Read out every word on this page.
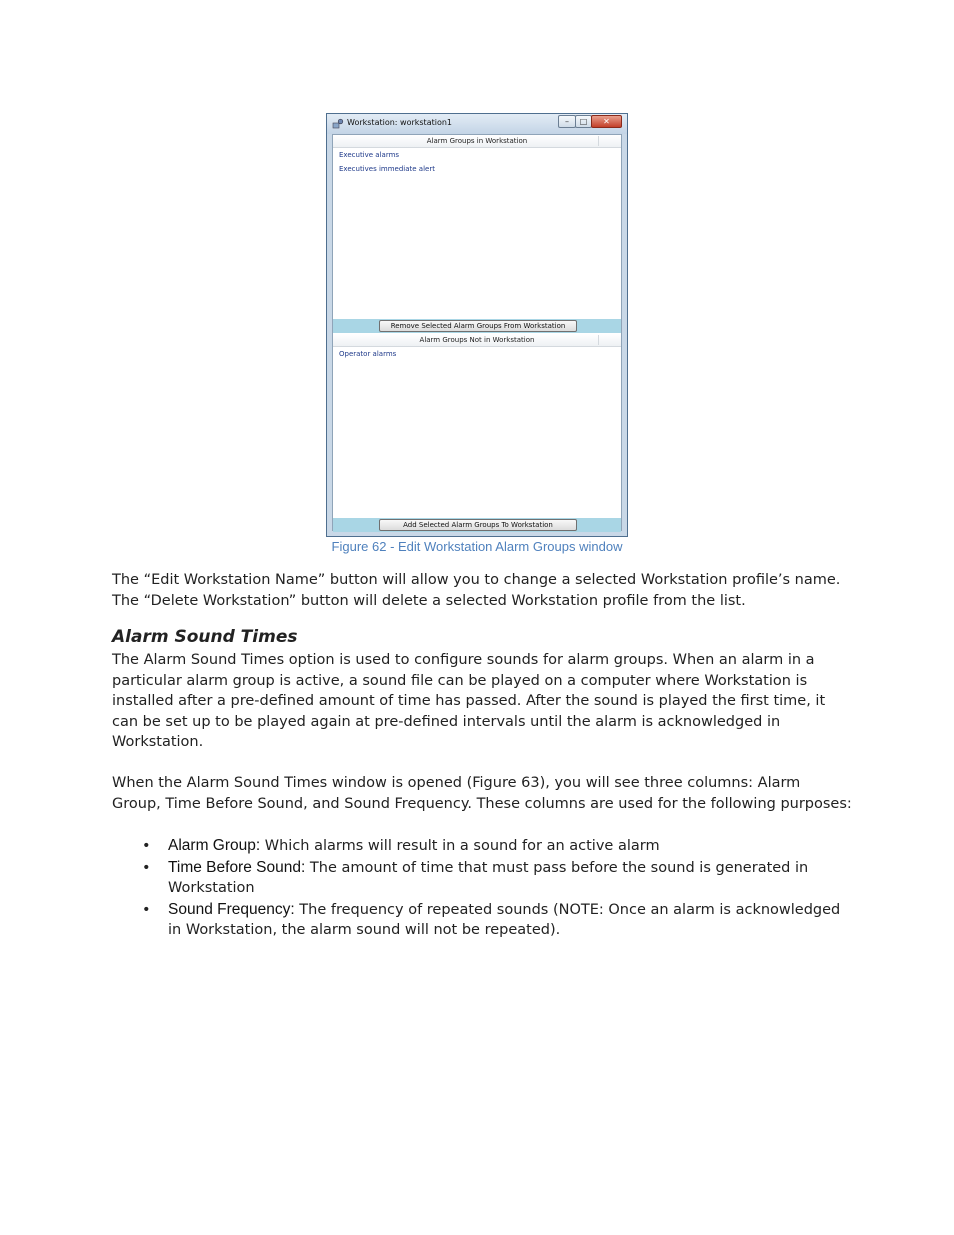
Workstation: workstation1	–	□	✕
Alarm Groups in Workstation
Executive alarms
Executives immediate alert
Remove Selected Alarm Groups From Workstation
Alarm Groups Not in Workstation
Operator alarms
Add Selected Alarm Groups To Workstation
Figure 62 - Edit Workstation Alarm Groups window

The “Edit Workstation Name” button will allow you to change a selected Workstation profile’s name. The “Delete Workstation” button will delete a selected Workstation profile from the list.

Alarm Sound Times

The Alarm Sound Times option is used to configure sounds for alarm groups. When an alarm in a particular alarm group is active, a sound file can be played on a computer where Workstation is installed after a pre-defined amount of time has passed. After the sound is played the first time, it can be set up to be played again at pre-defined intervals until the alarm is acknowledged in Workstation.

When the Alarm Sound Times window is opened (Figure 63), you will see three columns: Alarm Group, Time Before Sound, and Sound Frequency. These columns are used for the following purposes:

• Alarm Group: Which alarms will result in a sound for an active alarm
• Time Before Sound: The amount of time that must pass before the sound is generated in Workstation
• Sound Frequency: The frequency of repeated sounds (NOTE: Once an alarm is acknowledged in Workstation, the alarm sound will not be repeated).
